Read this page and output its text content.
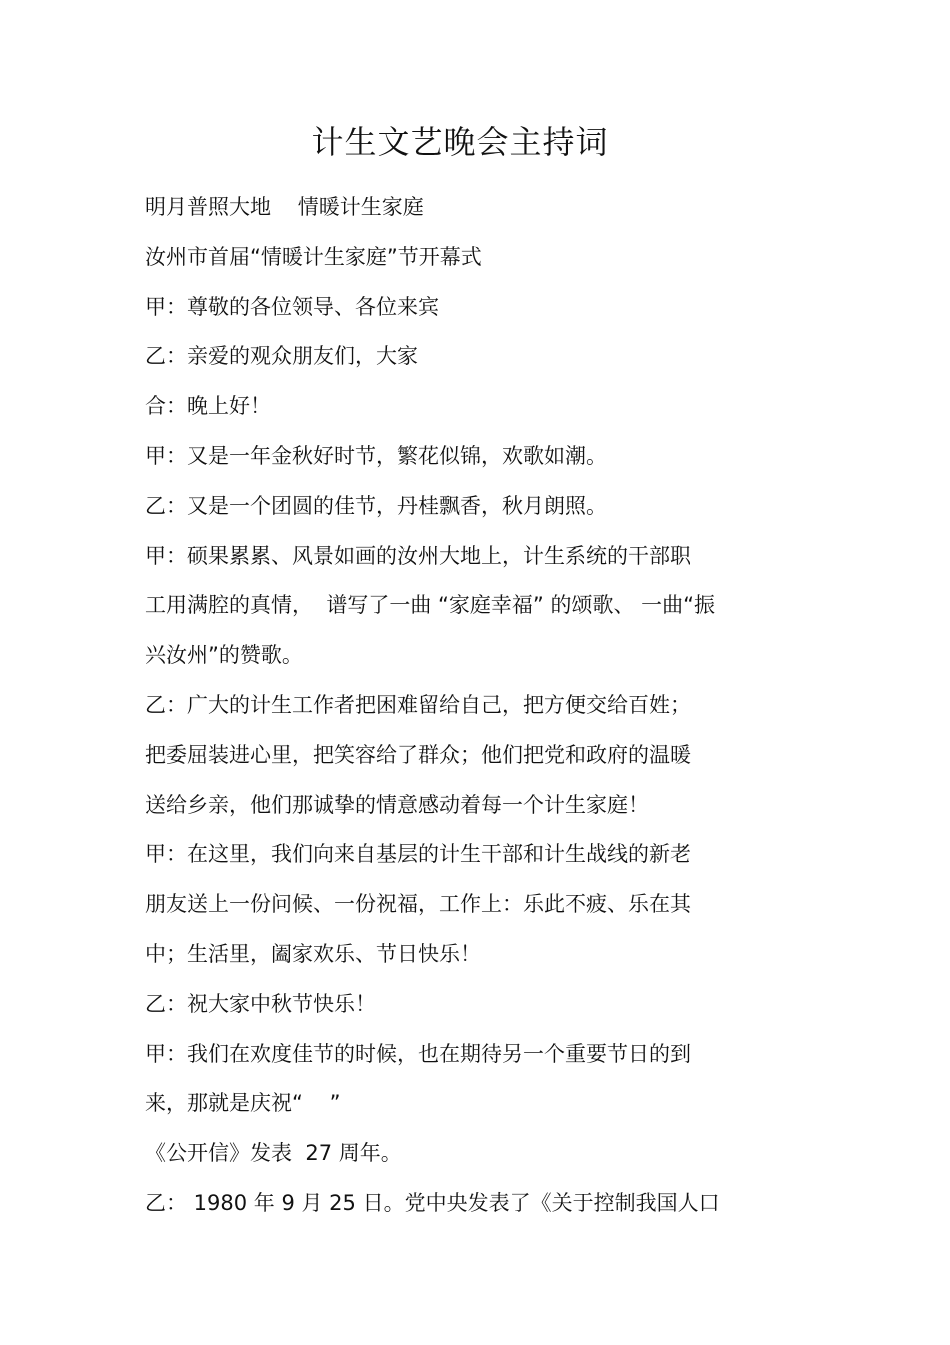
计生文艺晚会主持词
明月普照大地    情暖计生家庭
汝州市首届“情暖计生家庭”节开幕式
甲：尊敬的各位领导、各位来宾
乙：亲爱的观众朋友们，大家
合：晚上好！
甲：又是一年金秋好时节，繁花似锦，欢歌如潮。
乙：又是一个团圆的佳节，丹桂飘香，秋月朗照。
甲：硕果累累、风景如画的汝州大地上，计生系统的干部职
工用满腔的真情，  谱写了一曲 “家庭幸福” 的颂歌、 一曲“振
兴汝州”的赞歌。
乙：广大的计生工作者把困难留给自己，把方便交给百姓；
把委屈装进心里，把笑容给了群众；他们把党和政府的温暖
送给乡亲，他们那诚挚的情意感动着每一个计生家庭！
甲：在这里，我们向来自基层的计生干部和计生战线的新老
朋友送上一份问候、一份祝福，工作上：乐此不疲、乐在其
中；生活里，阖家欢乐、节日快乐！
乙：祝大家中秋节快乐！
甲：我们在欢度佳节的时候，也在期待另一个重要节日的到
来，那就是庆祝“    ”
《公开信》发表  27 周年。
乙： 1980 年 9 月 25 日。党中央发表了《关于控制我国人口
